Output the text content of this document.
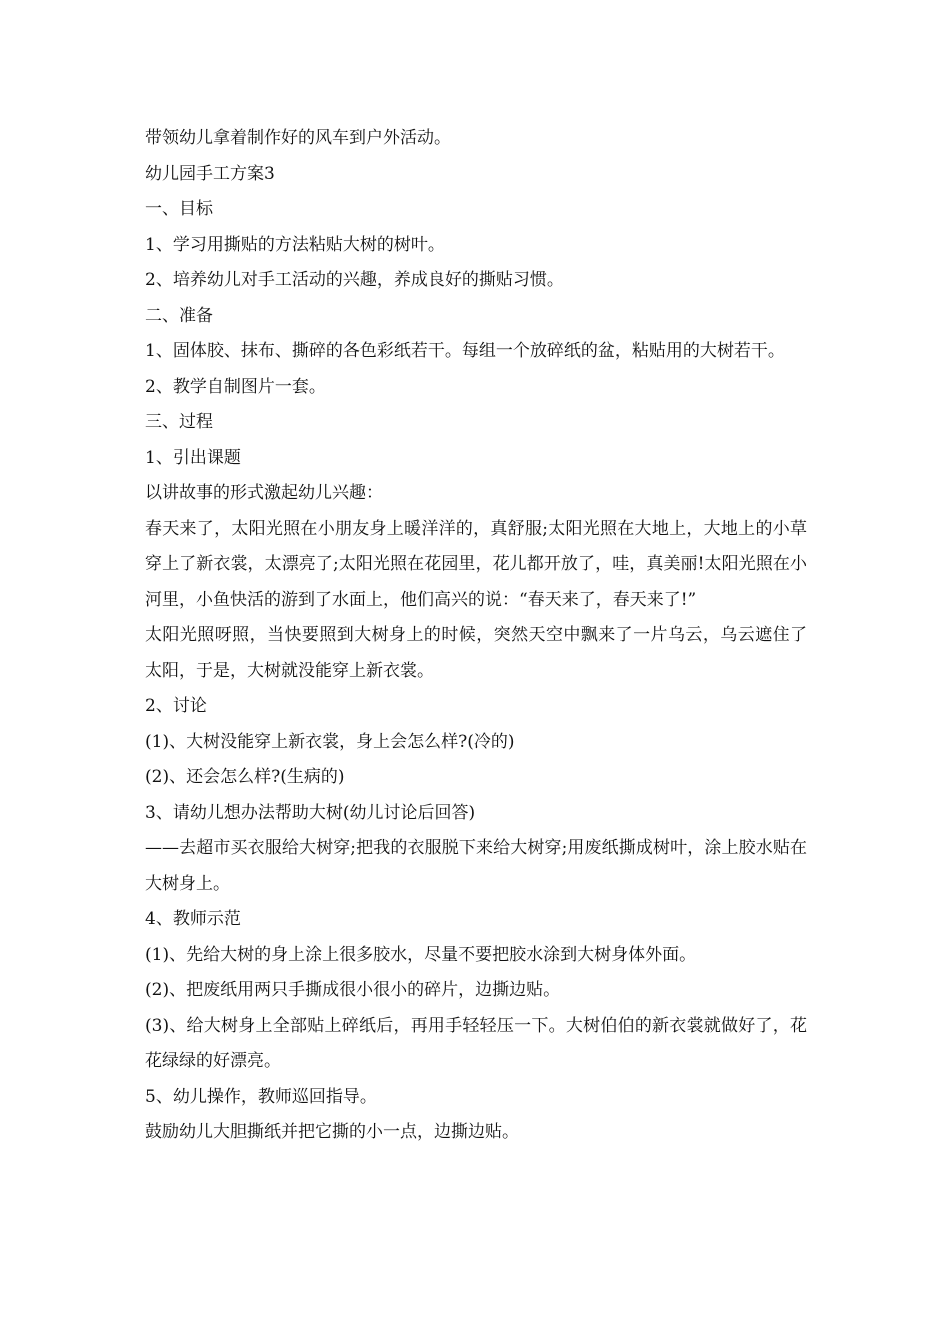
带领幼儿拿着制作好的风车到户外活动。

幼儿园手工方案3

一、目标

1、学习用撕贴的方法粘贴大树的树叶。

2、培养幼儿对手工活动的兴趣，养成良好的撕贴习惯。

二、准备

1、固体胶、抹布、撕碎的各色彩纸若干。每组一个放碎纸的盆，粘贴用的大树若干。

2、教学自制图片一套。

三、过程

1、引出课题

以讲故事的形式激起幼儿兴趣：

春天来了，太阳光照在小朋友身上暖洋洋的，真舒服;太阳光照在大地上，大地上的小草穿上了新衣裳，太漂亮了;太阳光照在花园里，花儿都开放了，哇，真美丽!太阳光照在小河里，小鱼快活的游到了水面上，他们高兴的说：“春天来了，春天来了!”

太阳光照呀照，当快要照到大树身上的时候，突然天空中飘来了一片乌云，乌云遮住了太阳，于是，大树就没能穿上新衣裳。

2、讨论

(1)、大树没能穿上新衣裳，身上会怎么样?(冷的)

(2)、还会怎么样?(生病的)

3、请幼儿想办法帮助大树(幼儿讨论后回答)

——去超市买衣服给大树穿;把我的衣服脱下来给大树穿;用废纸撕成树叶，涂上胶水贴在大树身上。

4、教师示范

(1)、先给大树的身上涂上很多胶水，尽量不要把胶水涂到大树身体外面。

(2)、把废纸用两只手撕成很小很小的碎片，边撕边贴。

(3)、给大树身上全部贴上碎纸后，再用手轻轻压一下。大树伯伯的新衣裳就做好了，花花绿绿的好漂亮。

5、幼儿操作，教师巡回指导。

鼓励幼儿大胆撕纸并把它撕的小一点，边撕边贴。
